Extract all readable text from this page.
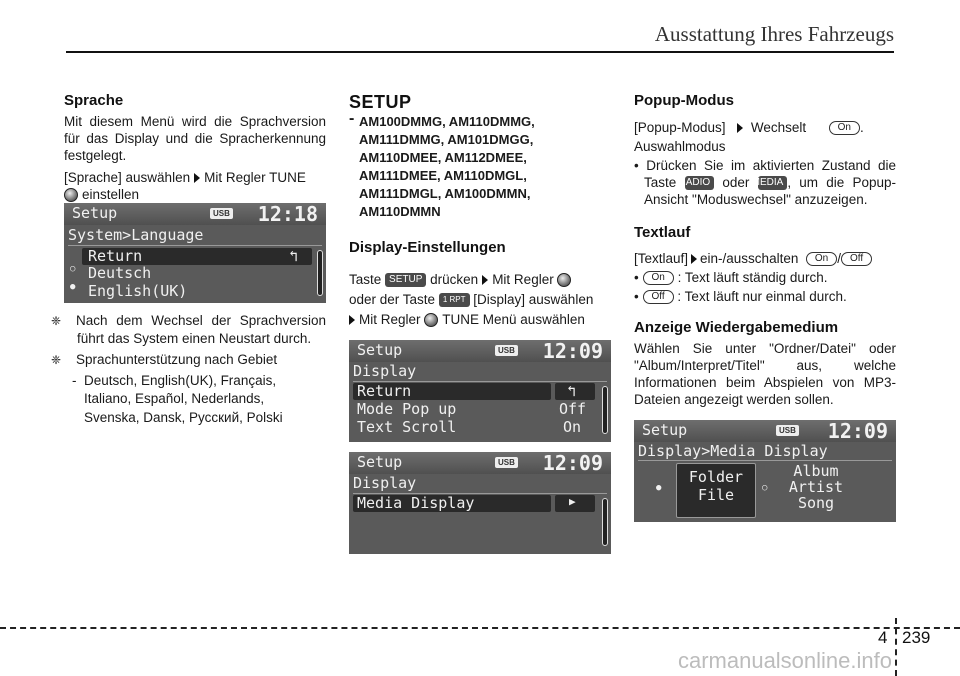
Ausstattung Ihres Fahrzeugs
Sprache

Mit diesem Menü wird die Sprachversion für das Display und die Spracherkennung festgelegt.

[Sprache] auswählen Mit Regler TUNE
einstellen

Setup	USB 12:18
System>Language
Return	↰
○ Deutsch
● English(UK)

❈ Nach dem Wechsel der Sprachversion führt das System einen Neustart durch.

❈ Sprachunterstützung nach Gebiet

- Deutsch, English(UK), Français,

Italiano, Español, Nederlands,

Svenska, Dansk, Русский, Polski

SETUP
- AM100DMMG, AM110DMMG,
AM111DMMG, AM101DMGG,
AM110DMEE, AM112DMEE,
AM111DMEE, AM110DMGL,
AM111DMGL, AM100DMMN,
AM110DMMN
Display-Einstellungen

Taste SETUP drücken Mit Regler
oder der Taste 1 RPT [Display] auswählen
Mit Regler TUNE Menü auswählen

Setup	USB 12:09
Display
Return	↰
Mode Pop up	Off
Text Scroll	On
Setup	USB 12:09
Display
Media Display	▶
Popup-Modus

[Popup-Modus] Wechselt	On .
Auswahlmodus

• Drücken Sie im aktivierten Zustand die Taste RADIO oder MEDIA , um die Popup-Ansicht "Moduswechsel" anzuzeigen.

Textlauf

[Textlauf] ein-/ausschalten On / Off

• On : Text läuft ständig durch.

• Off : Text läuft nur einmal durch.

Anzeige Wiedergabemedium

Wählen Sie unter "Ordner/Datei" oder "Album/Interpret/Titel" aus, welche Informationen beim Abspielen von MP3-Dateien angezeigt werden sollen.

Setup	USB 12:09
Display>Media Display
●
Folder
File	○
Album
Artist
Song
4 239
carmanualsonline.info
